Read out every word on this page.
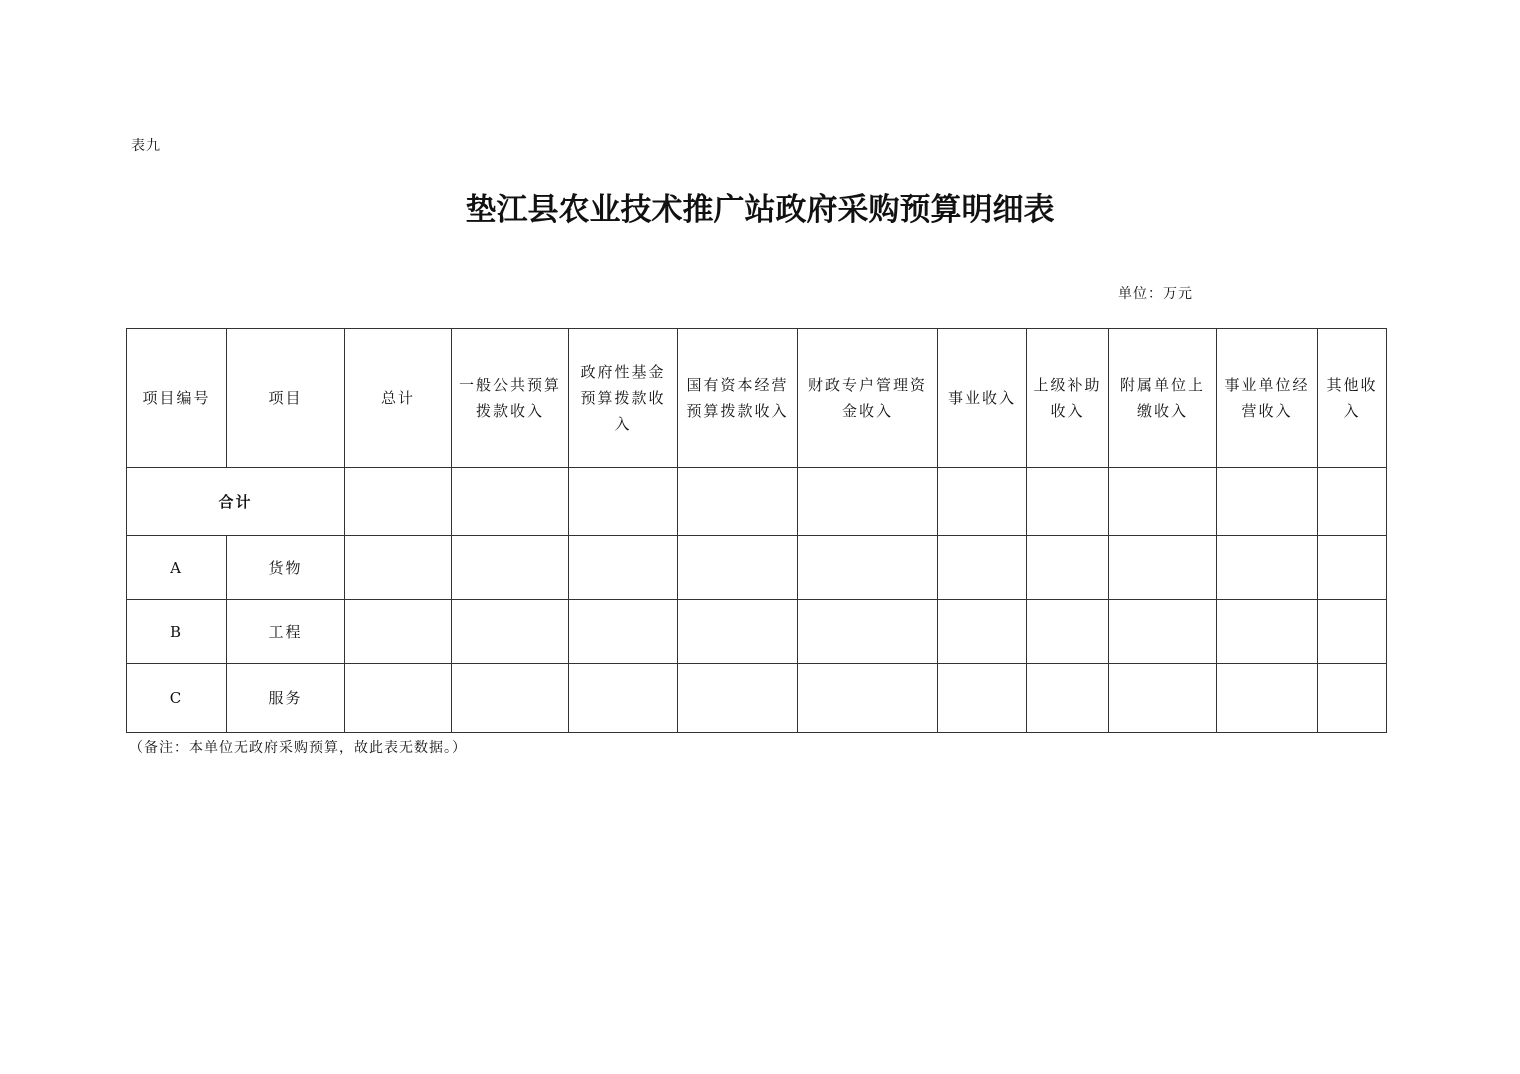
表九
垫江县农业技术推广站政府采购预算明细表
单位：万元
项目编号	项目	总计	一般公共预算拨款收入	政府性基金预算拨款收入	国有资本经营预算拨款收入	财政专户管理资金收入	事业收入	上级补助收入	附属单位上缴收入	事业单位经营收入	其他收入
合计											
A	货物										
B	工程										
C	服务										
（备注：本单位无政府采购预算，故此表无数据。）
